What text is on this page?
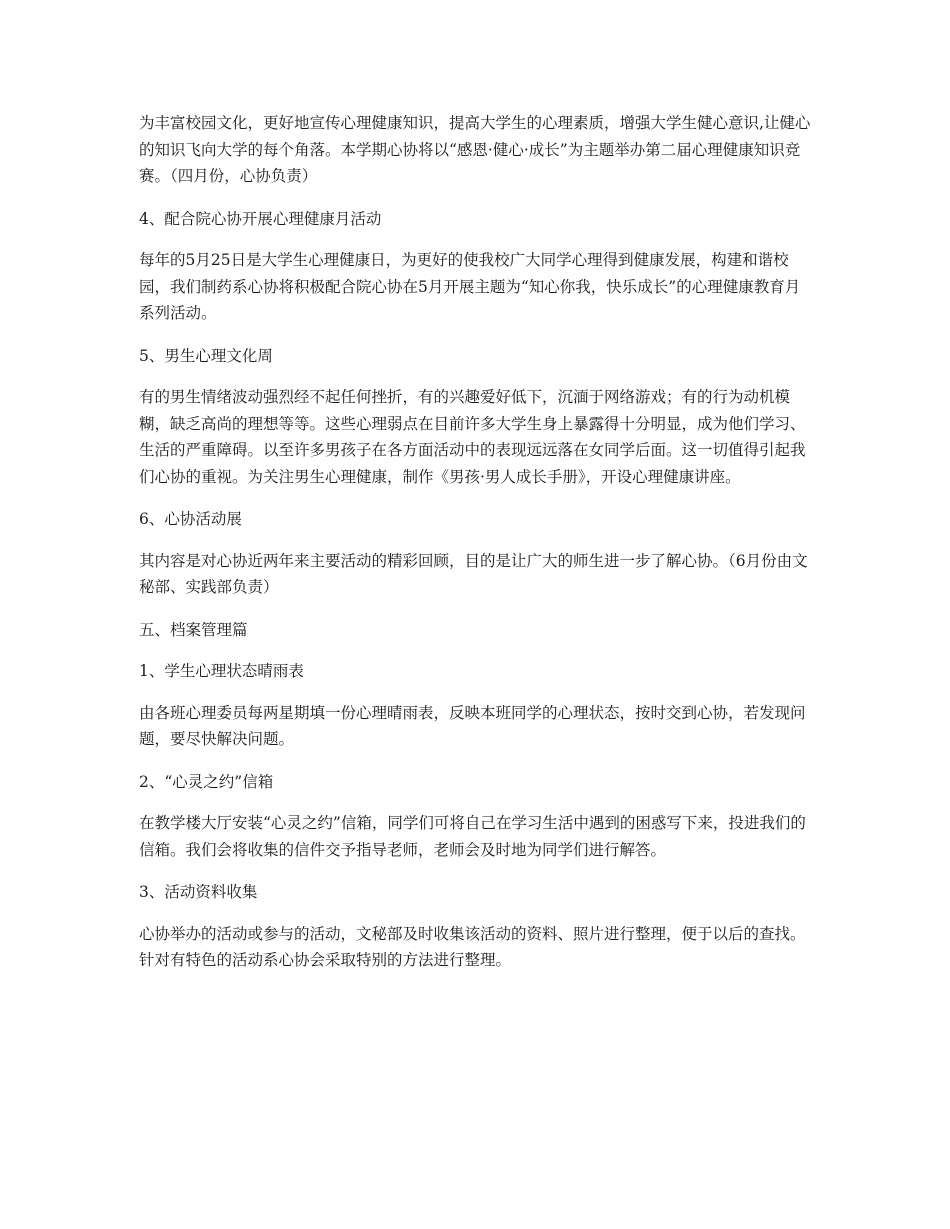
为丰富校园文化，更好地宣传心理健康知识，提高大学生的心理素质，增强大学生健心意识,让健心的知识飞向大学的每个角落。本学期心协将以“感恩·健心·成长”为主题举办第二届心理健康知识竞赛。（四月份，心协负责）

4、配合院心协开展心理健康月活动

每年的5月25日是大学生心理健康日，为更好的使我校广大同学心理得到健康发展，构建和谐校园，我们制药系心协将积极配合院心协在5月开展主题为“知心你我，快乐成长”的心理健康教育月系列活动。

5、男生心理文化周

有的男生情绪波动强烈经不起任何挫折，有的兴趣爱好低下，沉湎于网络游戏；有的行为动机模糊，缺乏高尚的理想等等。这些心理弱点在目前许多大学生身上暴露得十分明显，成为他们学习、生活的严重障碍。以至许多男孩子在各方面活动中的表现远远落在女同学后面。这一切值得引起我们心协的重视。为关注男生心理健康，制作《男孩·男人成长手册》，开设心理健康讲座。

6、心协活动展

其内容是对心协近两年来主要活动的精彩回顾，目的是让广大的师生进一步了解心协。（6月份由文秘部、实践部负责）

五、档案管理篇

1、学生心理状态晴雨表

由各班心理委员每两星期填一份心理晴雨表，反映本班同学的心理状态，按时交到心协，若发现问题，要尽快解决问题。

2、“心灵之约”信箱

在教学楼大厅安装“心灵之约”信箱，同学们可将自己在学习生活中遇到的困惑写下来，投进我们的信箱。我们会将收集的信件交予指导老师，老师会及时地为同学们进行解答。

3、活动资料收集

心协举办的活动或参与的活动，文秘部及时收集该活动的资料、照片进行整理，便于以后的查找。针对有特色的活动系心协会采取特别的方法进行整理。
